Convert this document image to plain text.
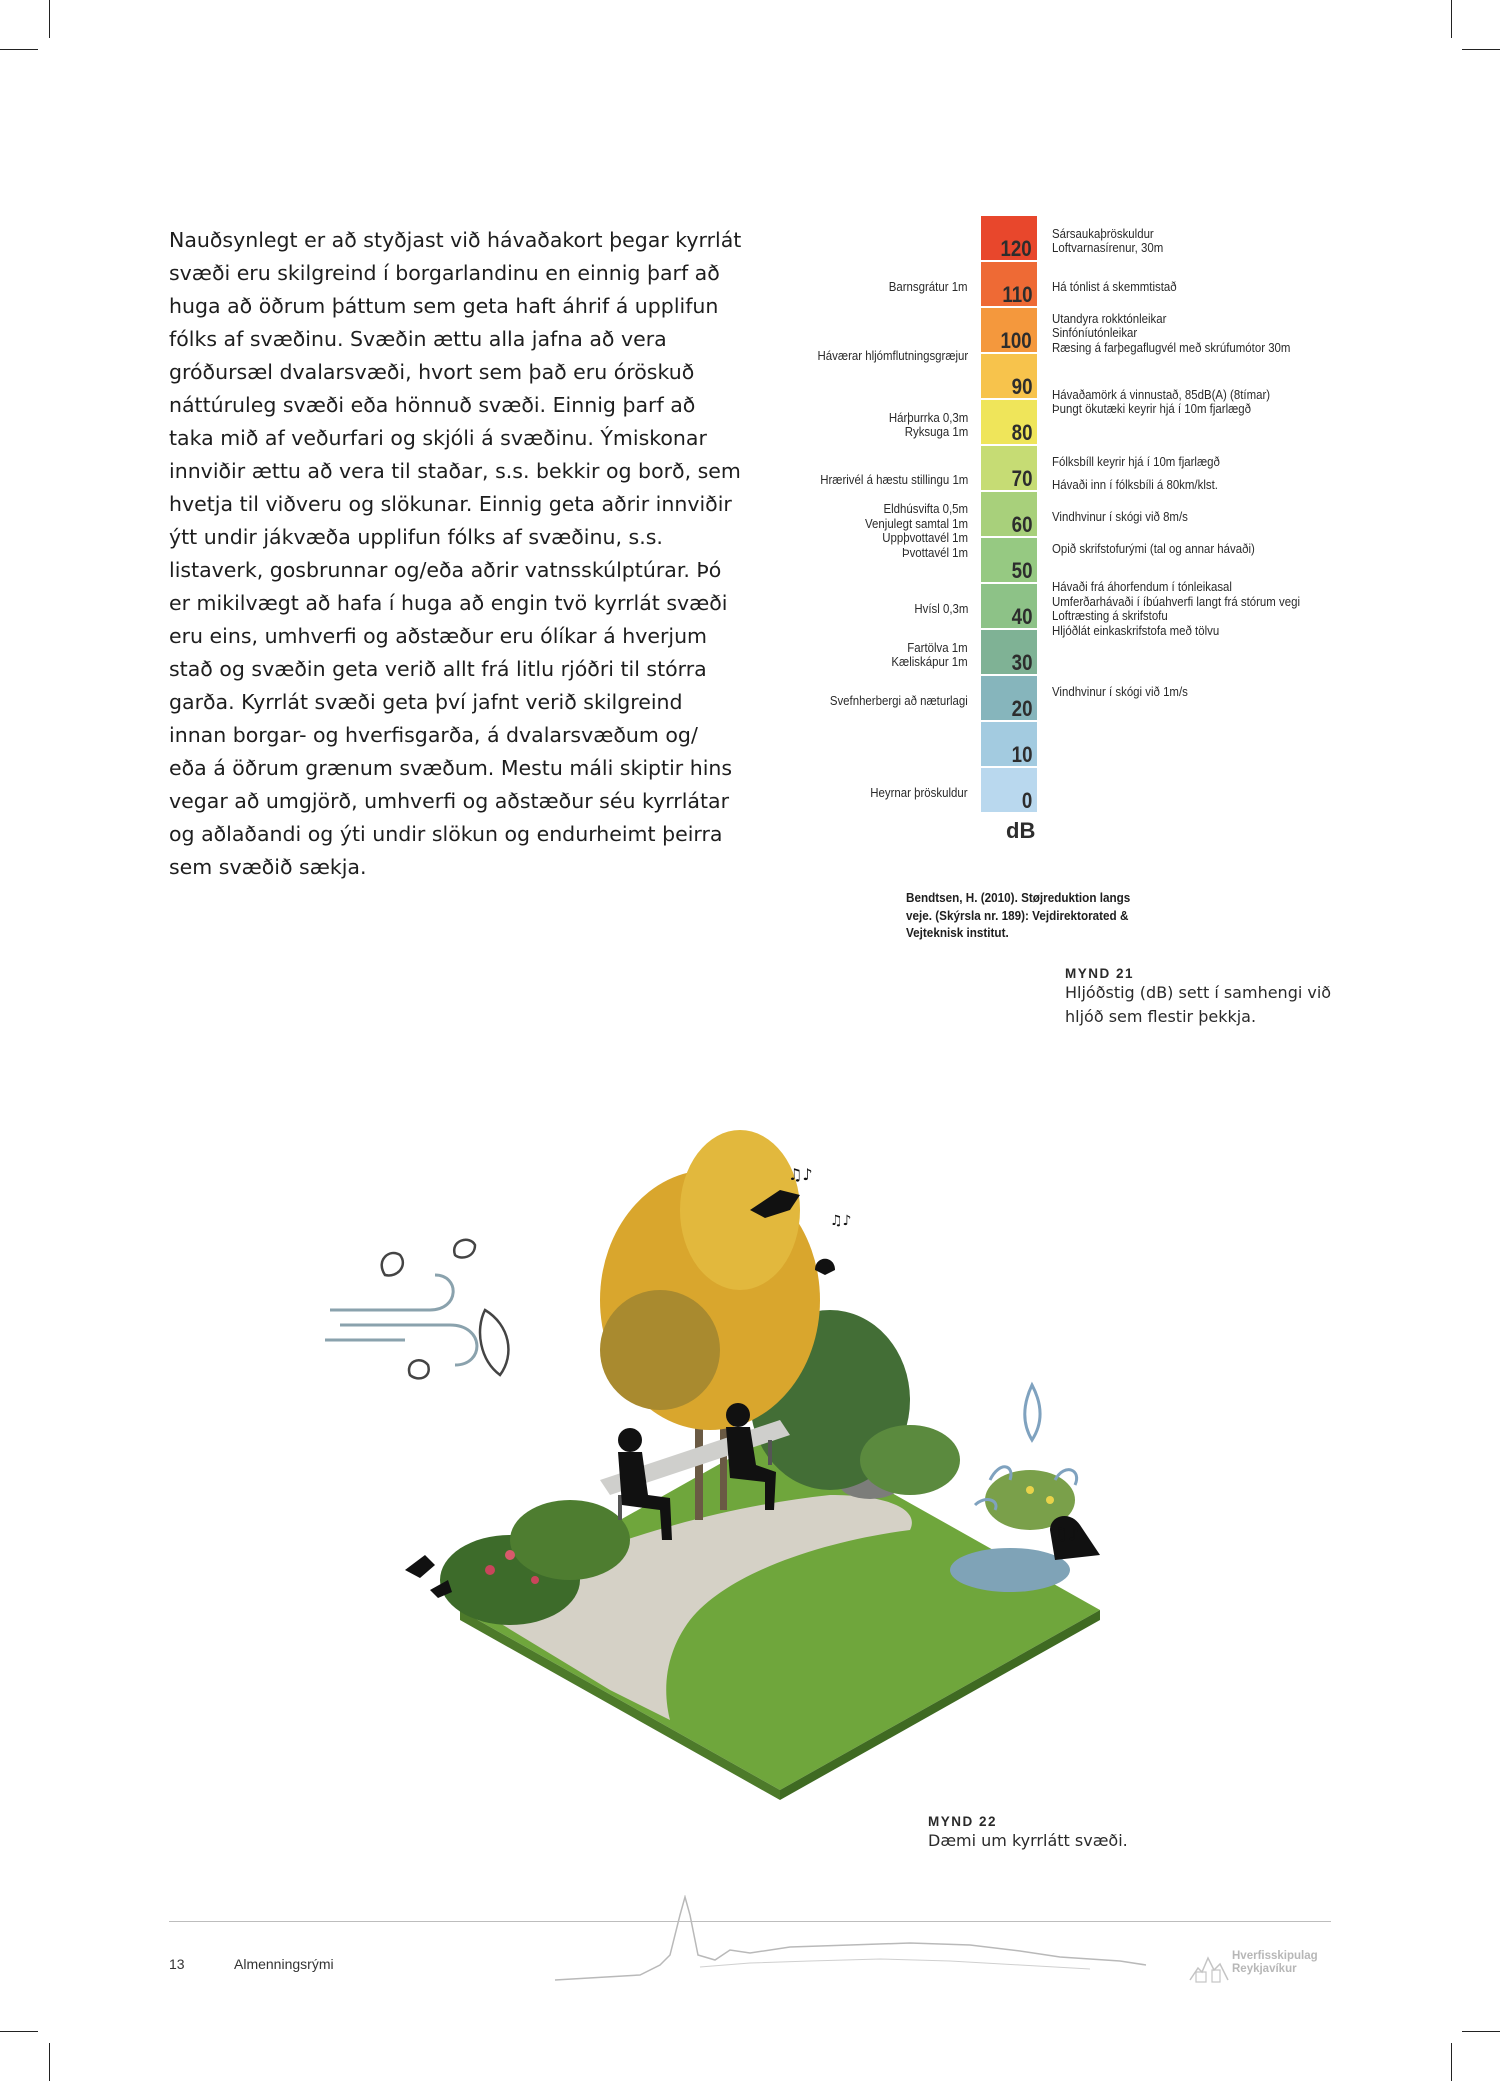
Nauðsynlegt er að styðjast við hávaðakort þegar kyrrlát
svæði eru skilgreind í borgarlandinu en einnig þarf að
huga að öðrum þáttum sem geta haft áhrif á upplifun
fólks af svæðinu. Svæðin ættu alla jafna að vera
gróðursæl dvalarsvæði, hvort sem það eru óröskuð
náttúruleg svæði eða hönnuð svæði. Einnig þarf að
taka mið af veðurfari og skjóli á svæðinu. Ýmiskonar
innviðir ættu að vera til staðar, s.s. bekkir og borð, sem
hvetja til viðveru og slökunar. Einnig geta aðrir innviðir
ýtt undir jákvæða upplifun fólks af svæðinu, s.s.
listaverk, gosbrunnar og/eða aðrir vatnsskúlptúrar. Þó
er mikilvægt að hafa í huga að engin tvö kyrrlát svæði
eru eins, umhverfi og aðstæður eru ólíkar á hverjum
stað og svæðin geta verið allt frá litlu rjóðri til stórra
garða. Kyrrlát svæði geta því jafnt verið skilgreind
innan borgar- og hverfisgarða, á dvalarsvæðum og/
eða á öðrum grænum svæðum. Mestu máli skiptir hins
vegar að umgjörð, umhverfi og aðstæður séu kyrrlátar
og aðlaðandi og ýti undir slökun og endurheimt þeirra
sem svæðið sækja.
120
110
100
90
80
70
60
50
40
30
20
10
0
dB
Barnsgrátur 1m
Háværar hljómflutningsgræjur
Hárþurrka 0,3m
Ryksuga 1m
Hrærivél á hæstu stillingu 1m
Eldhúsvifta 0,5m
Venjulegt samtal 1m
Uppþvottavél 1m
Þvottavél 1m
Hvísl 0,3m
Fartölva 1m
Kæliskápur 1m
Svefnherbergi að næturlagi
Heyrnar þröskuldur
Sársaukaþröskuldur
Loftvarnasírenur, 30m
Há tónlist á skemmtistað
Utandyra rokktónleikar
Sinfóníutónleikar
Ræsing á farþegaflugvél með skrúfumótor 30m
Hávaðamörk á vinnustað, 85dB(A) (8tímar)
Þungt ökutæki keyrir hjá í 10m fjarlægð
Fólksbíll keyrir hjá í 10m fjarlægð
Hávaði inn í fólksbíli á 80km/klst.
Vindhvinur í skógi við 8m/s
Opið skrifstofurými (tal og annar hávaði)
Hávaði frá áhorfendum í tónleikasal
Umferðarhávaði í íbúahverfi langt frá stórum vegi
Loftræsting á skrifstofu
Hljóðlát einkaskrifstofa með tölvu
Vindhvinur í skógi við 1m/s
Bendtsen, H. (2010). Støjreduktion langs veje. (Skýrsla nr. 189): Vejdirektorated & Vejteknisk institut.
MYND 21
Hljóðstig (dB) sett í samhengi við
hljóð sem flestir þekkja.
♫♪
♫♪
♫♪
MYND 22
Dæmi um kyrrlátt svæði.
13	Almenningsrými	Hverfisskipulag
Reykjavíkur
